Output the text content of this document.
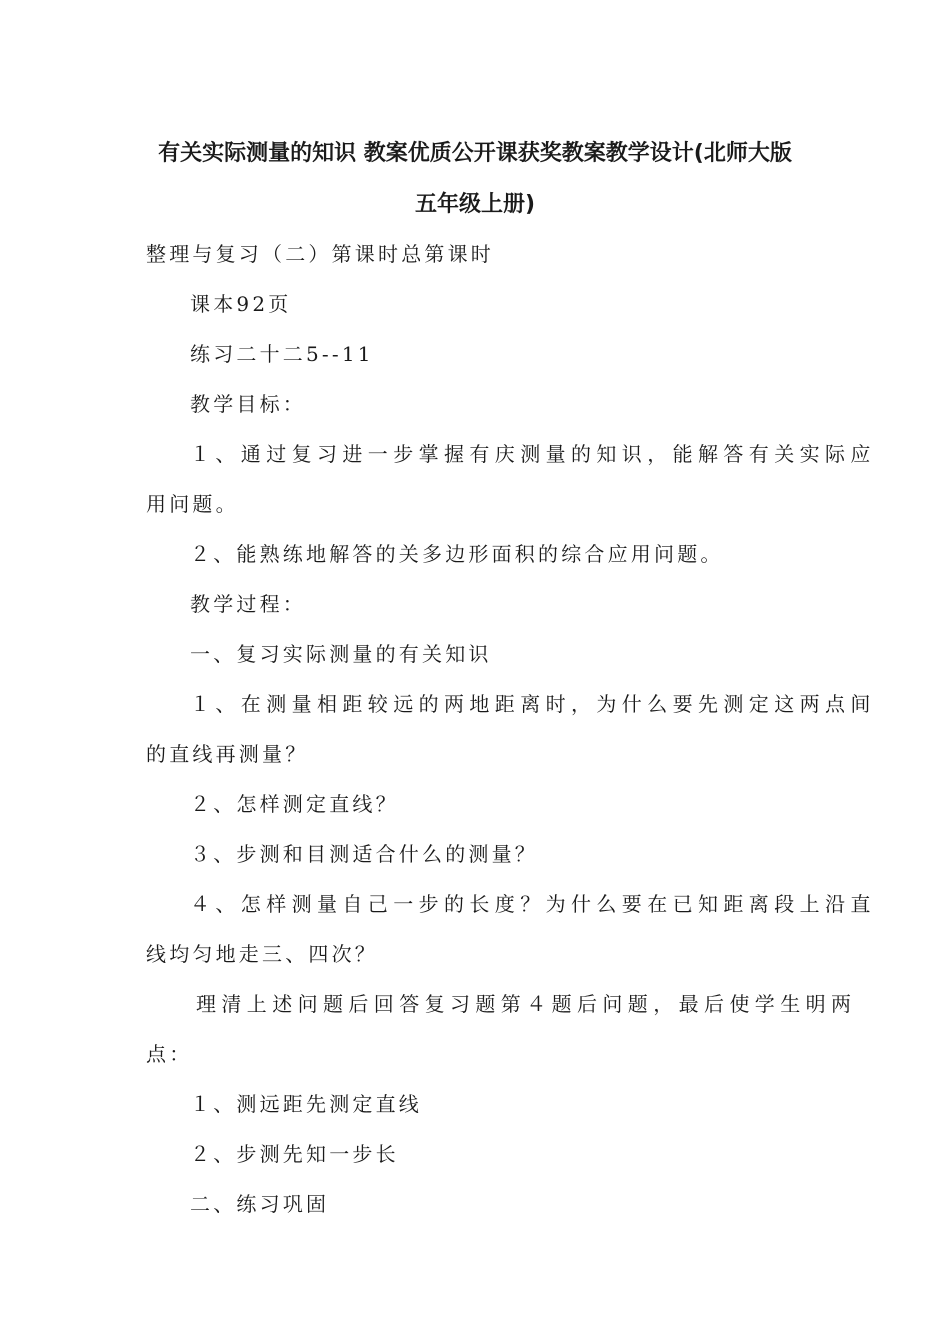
有关实际测量的知识 教案优质公开课获奖教案教学设计(北师大版
五年级上册)
整理与复习（二）第课时总第课时
课本92页
练习二十二5--11
教学目标：
１、通过复习进一步掌握有庆测量的知识，能解答有关实际应
用问题。
２、能熟练地解答的关多边形面积的综合应用问题。
教学过程：
一、复习实际测量的有关知识
１、在测量相距较远的两地距离时，为什么要先测定这两点间
的直线再测量？
２、怎样测定直线？
３、步测和目测适合什么的测量？
４、怎样测量自己一步的长度？为什么要在已知距离段上沿直
线均匀地走三、四次？
理清上述问题后回答复习题第４题后问题，最后使学生明两
点：
１、测远距先测定直线
２、步测先知一步长
二、练习巩固
